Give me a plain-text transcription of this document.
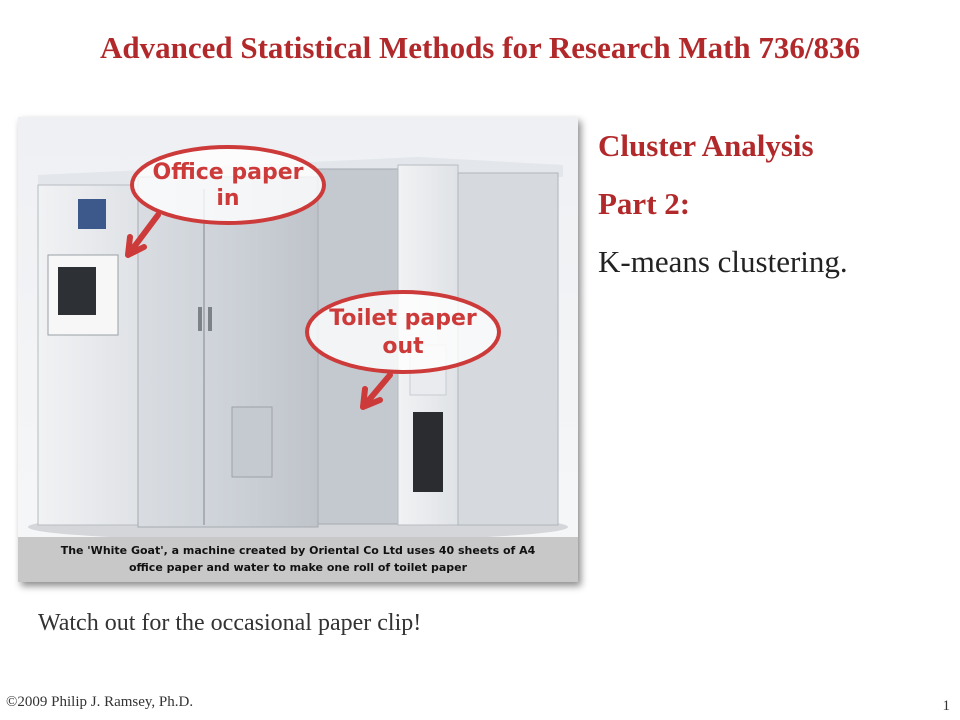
Advanced Statistical Methods for Research Math 736/836
Office paper
in
Toilet paper
out
The 'White Goat', a machine created by Oriental Co Ltd uses 40 sheets of A4
office paper and water to make one roll of toilet paper

Cluster Analysis

Part 2:

K-means clustering.

Watch out for the occasional paper clip!
©2009 Philip J. Ramsey, Ph.D.	1
